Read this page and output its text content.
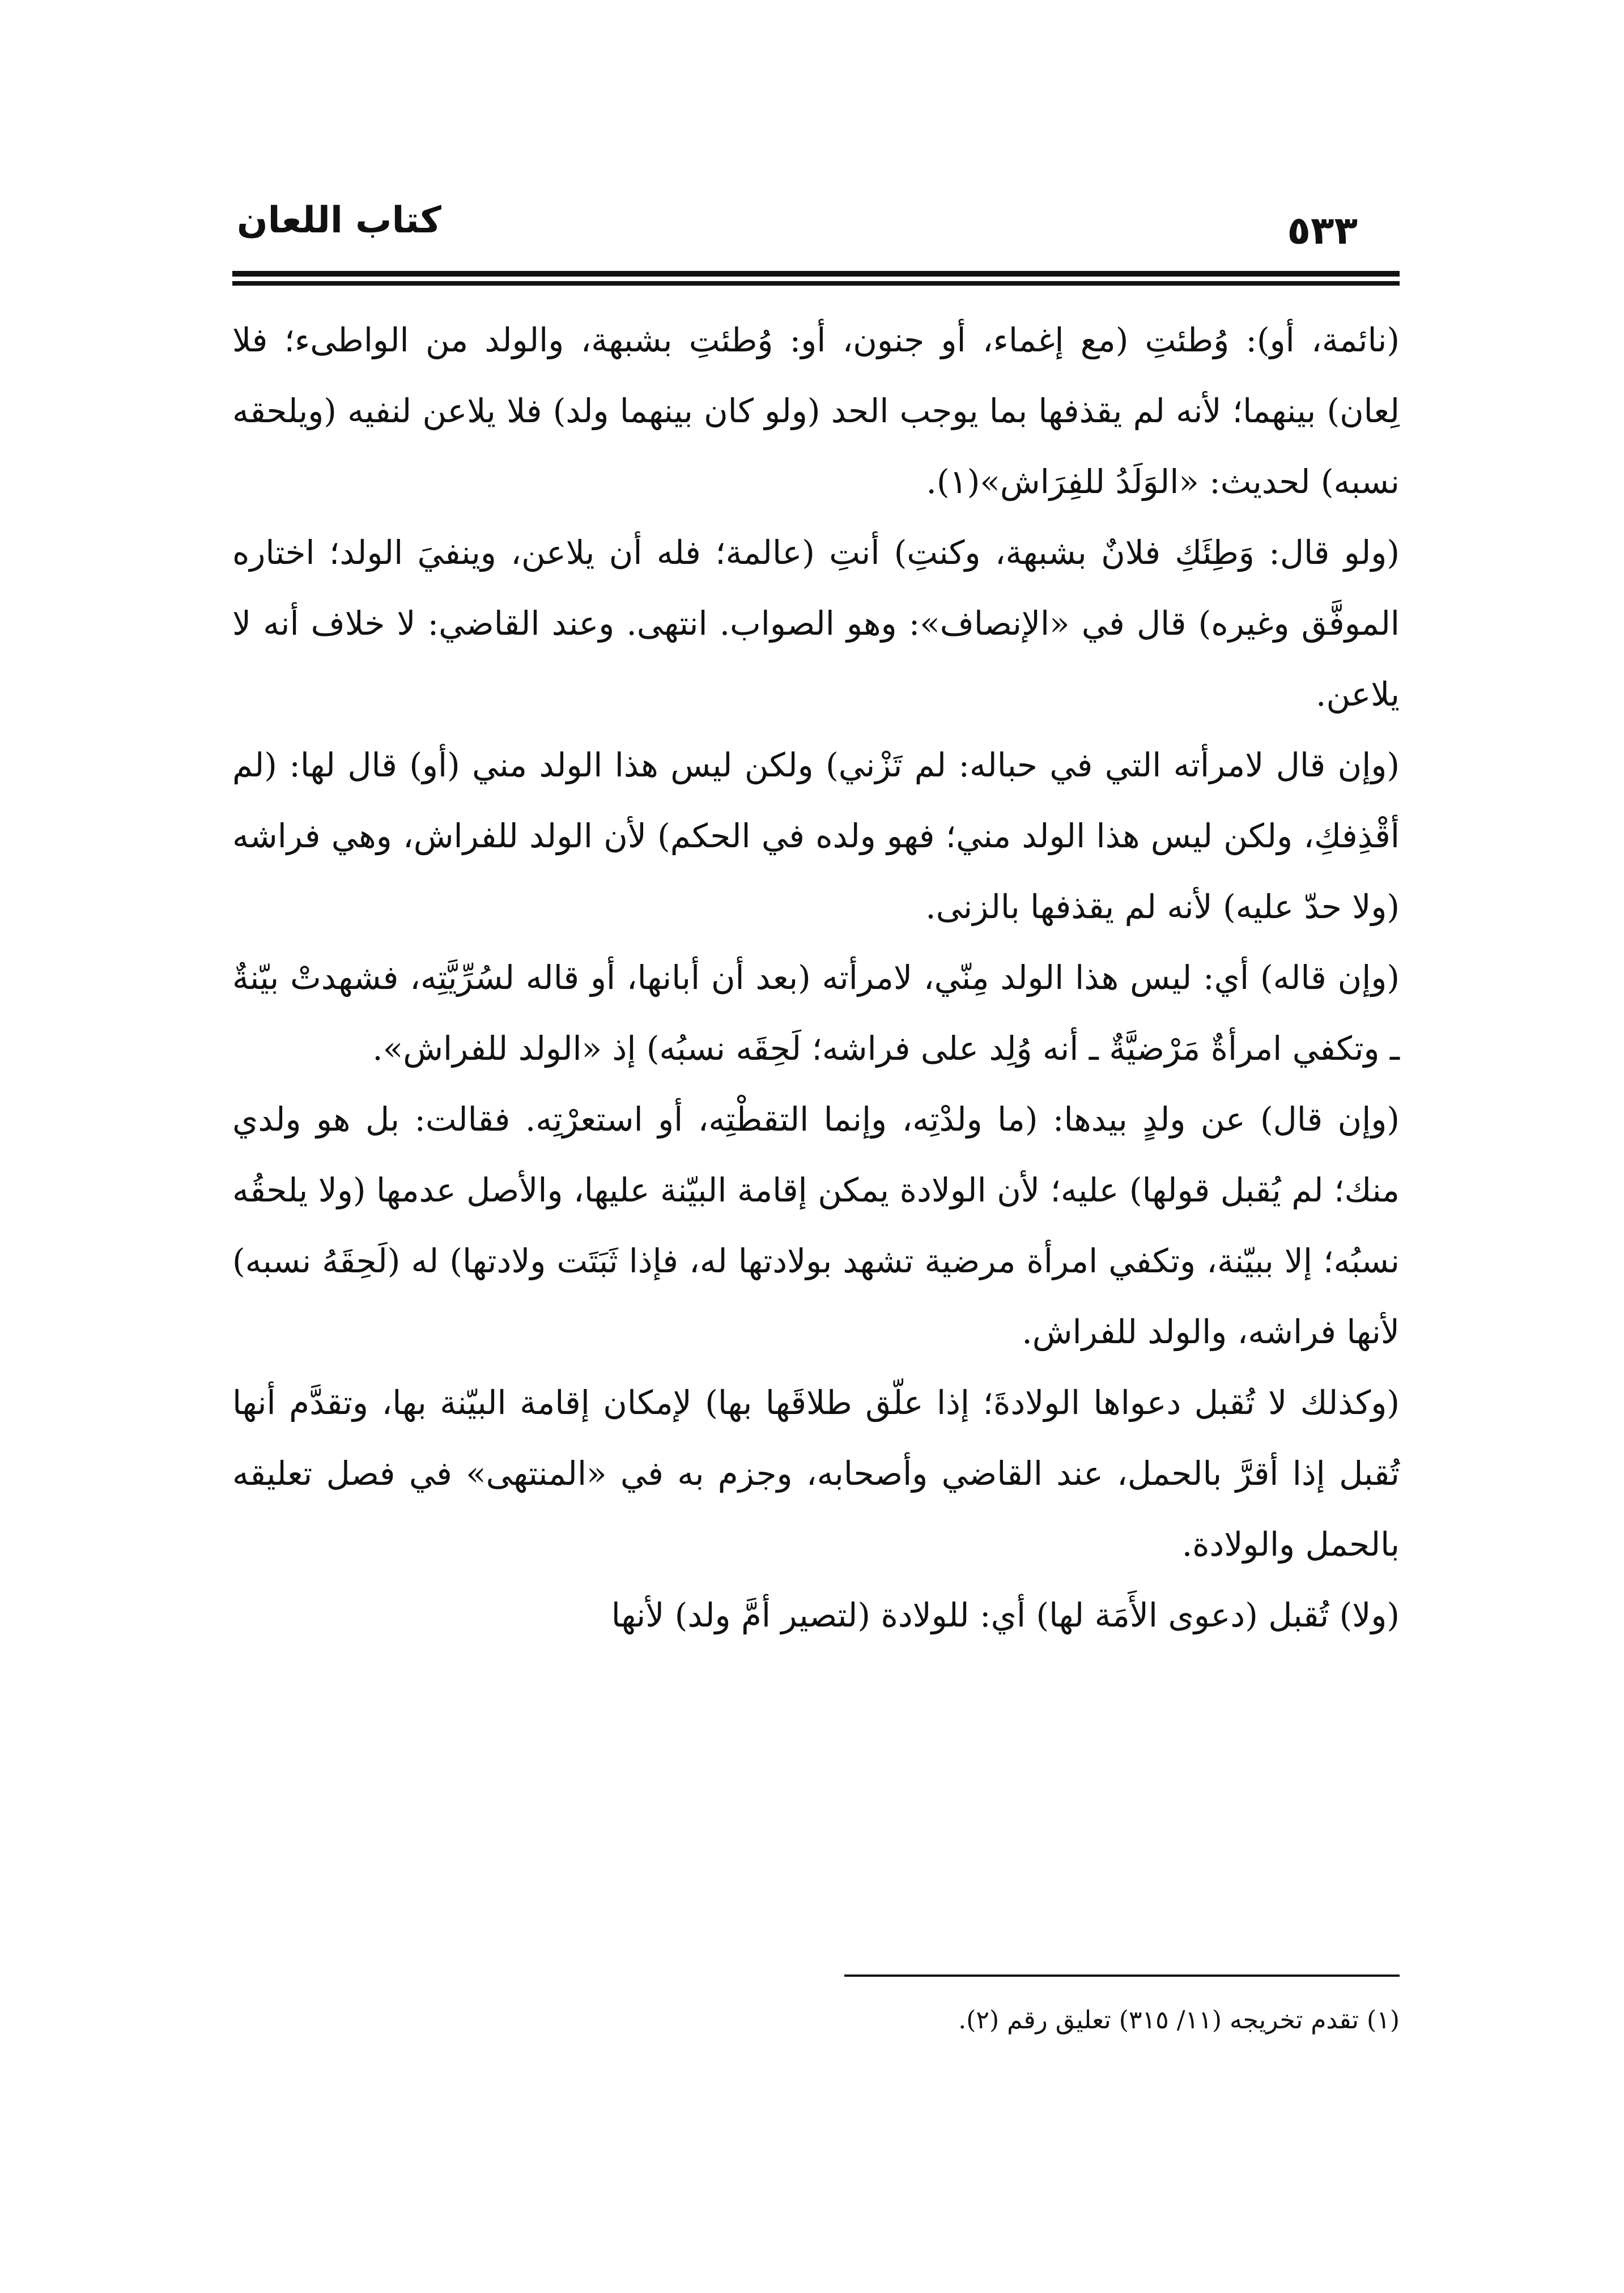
كتاب اللعان	٥٣٣

(نائمة، أو): وُطئتِ (مع إغماء، أو جنون، أو: وُطئتِ بشبهة، والولد من الواطىء؛ فلا لِعان) بينهما؛ لأنه لم يقذفها بما يوجب الحد (ولو كان بينهما ولد) فلا يلاعن لنفيه (ويلحقه نسبه) لحديث: «الوَلَدُ للفِرَاش»(١).

(ولو قال: وَطِئَكِ فلانٌ بشبهة، وكنتِ) أنتِ (عالمة؛ فله أن يلاعن، وينفيَ الولد؛ اختاره الموفَّق وغيره) قال في «الإنصاف»: وهو الصواب. انتهى. وعند القاضي: لا خلاف أنه لا يلاعن.

(وإن قال لامرأته التي في حباله: لم تَزْني) ولكن ليس هذا الولد مني (أو) قال لها: (لم أقْذِفكِ، ولكن ليس هذا الولد مني؛ فهو ولده في الحكم) لأن الولد للفراش، وهي فراشه (ولا حدّ عليه) لأنه لم يقذفها بالزنى.

(وإن قاله) أي: ليس هذا الولد مِنّي، لامرأته (بعد أن أبانها، أو قاله لسُرِّيَّتِه، فشهدتْ بيّنةٌ ـ وتكفي امرأةٌ مَرْضيَّةٌ ـ أنه وُلِد على فراشه؛ لَحِقَه نسبُه) إذ «الولد للفراش».

(وإن قال) عن ولدٍ بيدها: (ما ولدْتِه، وإنما التقطْتِه، أو استعرْتِه. فقالت: بل هو ولدي منك؛ لم يُقبل قولها) عليه؛ لأن الولادة يمكن إقامة البيّنة عليها، والأصل عدمها (ولا يلحقُه نسبُه؛ إلا ببيّنة، وتكفي امرأة مرضية تشهد بولادتها له، فإذا ثَبَتَت ولادتها) له (لَحِقَهُ نسبه) لأنها فراشه، والولد للفراش.

(وكذلك لا تُقبل دعواها الولادةَ؛ إذا علّق طلاقَها بها) لإمكان إقامة البيّنة بها، وتقدَّم أنها تُقبل إذا أقرَّ بالحمل، عند القاضي وأصحابه، وجزم به في «المنتهى» في فصل تعليقه بالحمل والولادة.

(ولا) تُقبل (دعوى الأَمَة لها) أي: للولادة (لتصير أمَّ ولد) لأنها

(١) تقدم تخريجه (١١/ ٣١٥) تعليق رقم (٢).
